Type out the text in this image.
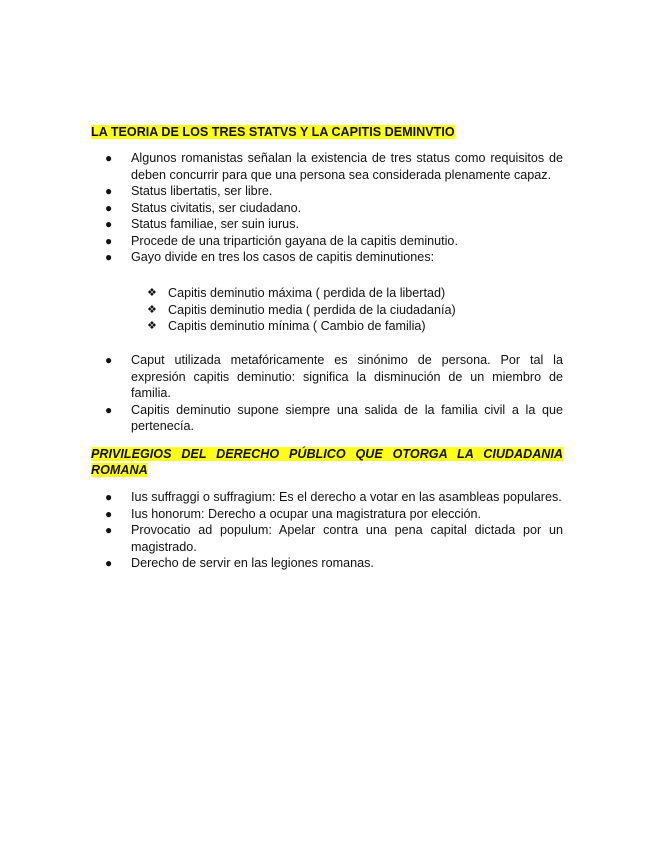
LA TEORIA DE LOS TRES STATVS Y LA CAPITIS DEMINVTIO

● Algunos romanistas señalan la existencia de tres status como requisitos de deben concurrir para que una persona sea considerada plenamente capaz.
● Status libertatis, ser libre.
● Status civitatis, ser ciudadano.
● Status familiae, ser suin iurus.
● Procede de una tripartición gayana de la capitis deminutio.
● Gayo divide en tres los casos de capitis deminutiones:
❖ Capitis deminutio máxima ( perdida de la libertad)
❖ Capitis deminutio media ( perdida de la ciudadanía)
❖ Capitis deminutio mínima ( Cambio de familia)
● Caput utilizada metafóricamente es sinónimo de persona. Por tal la expresión capitis deminutio: significa la disminución de un miembro de familia.
● Capitis deminutio supone siempre una salida de la familia civil a la que pertenecía.

PRIVILEGIOS DEL DERECHO PÚBLICO QUE OTORGA LA CIUDADANIA ROMANA

● Ius suffraggi o suffragium: Es el derecho a votar en las asambleas populares.
● Ius honorum: Derecho a ocupar una magistratura por elección.
● Provocatio ad populum: Apelar contra una pena capital dictada por un magistrado.
● Derecho de servir en las legiones romanas.
